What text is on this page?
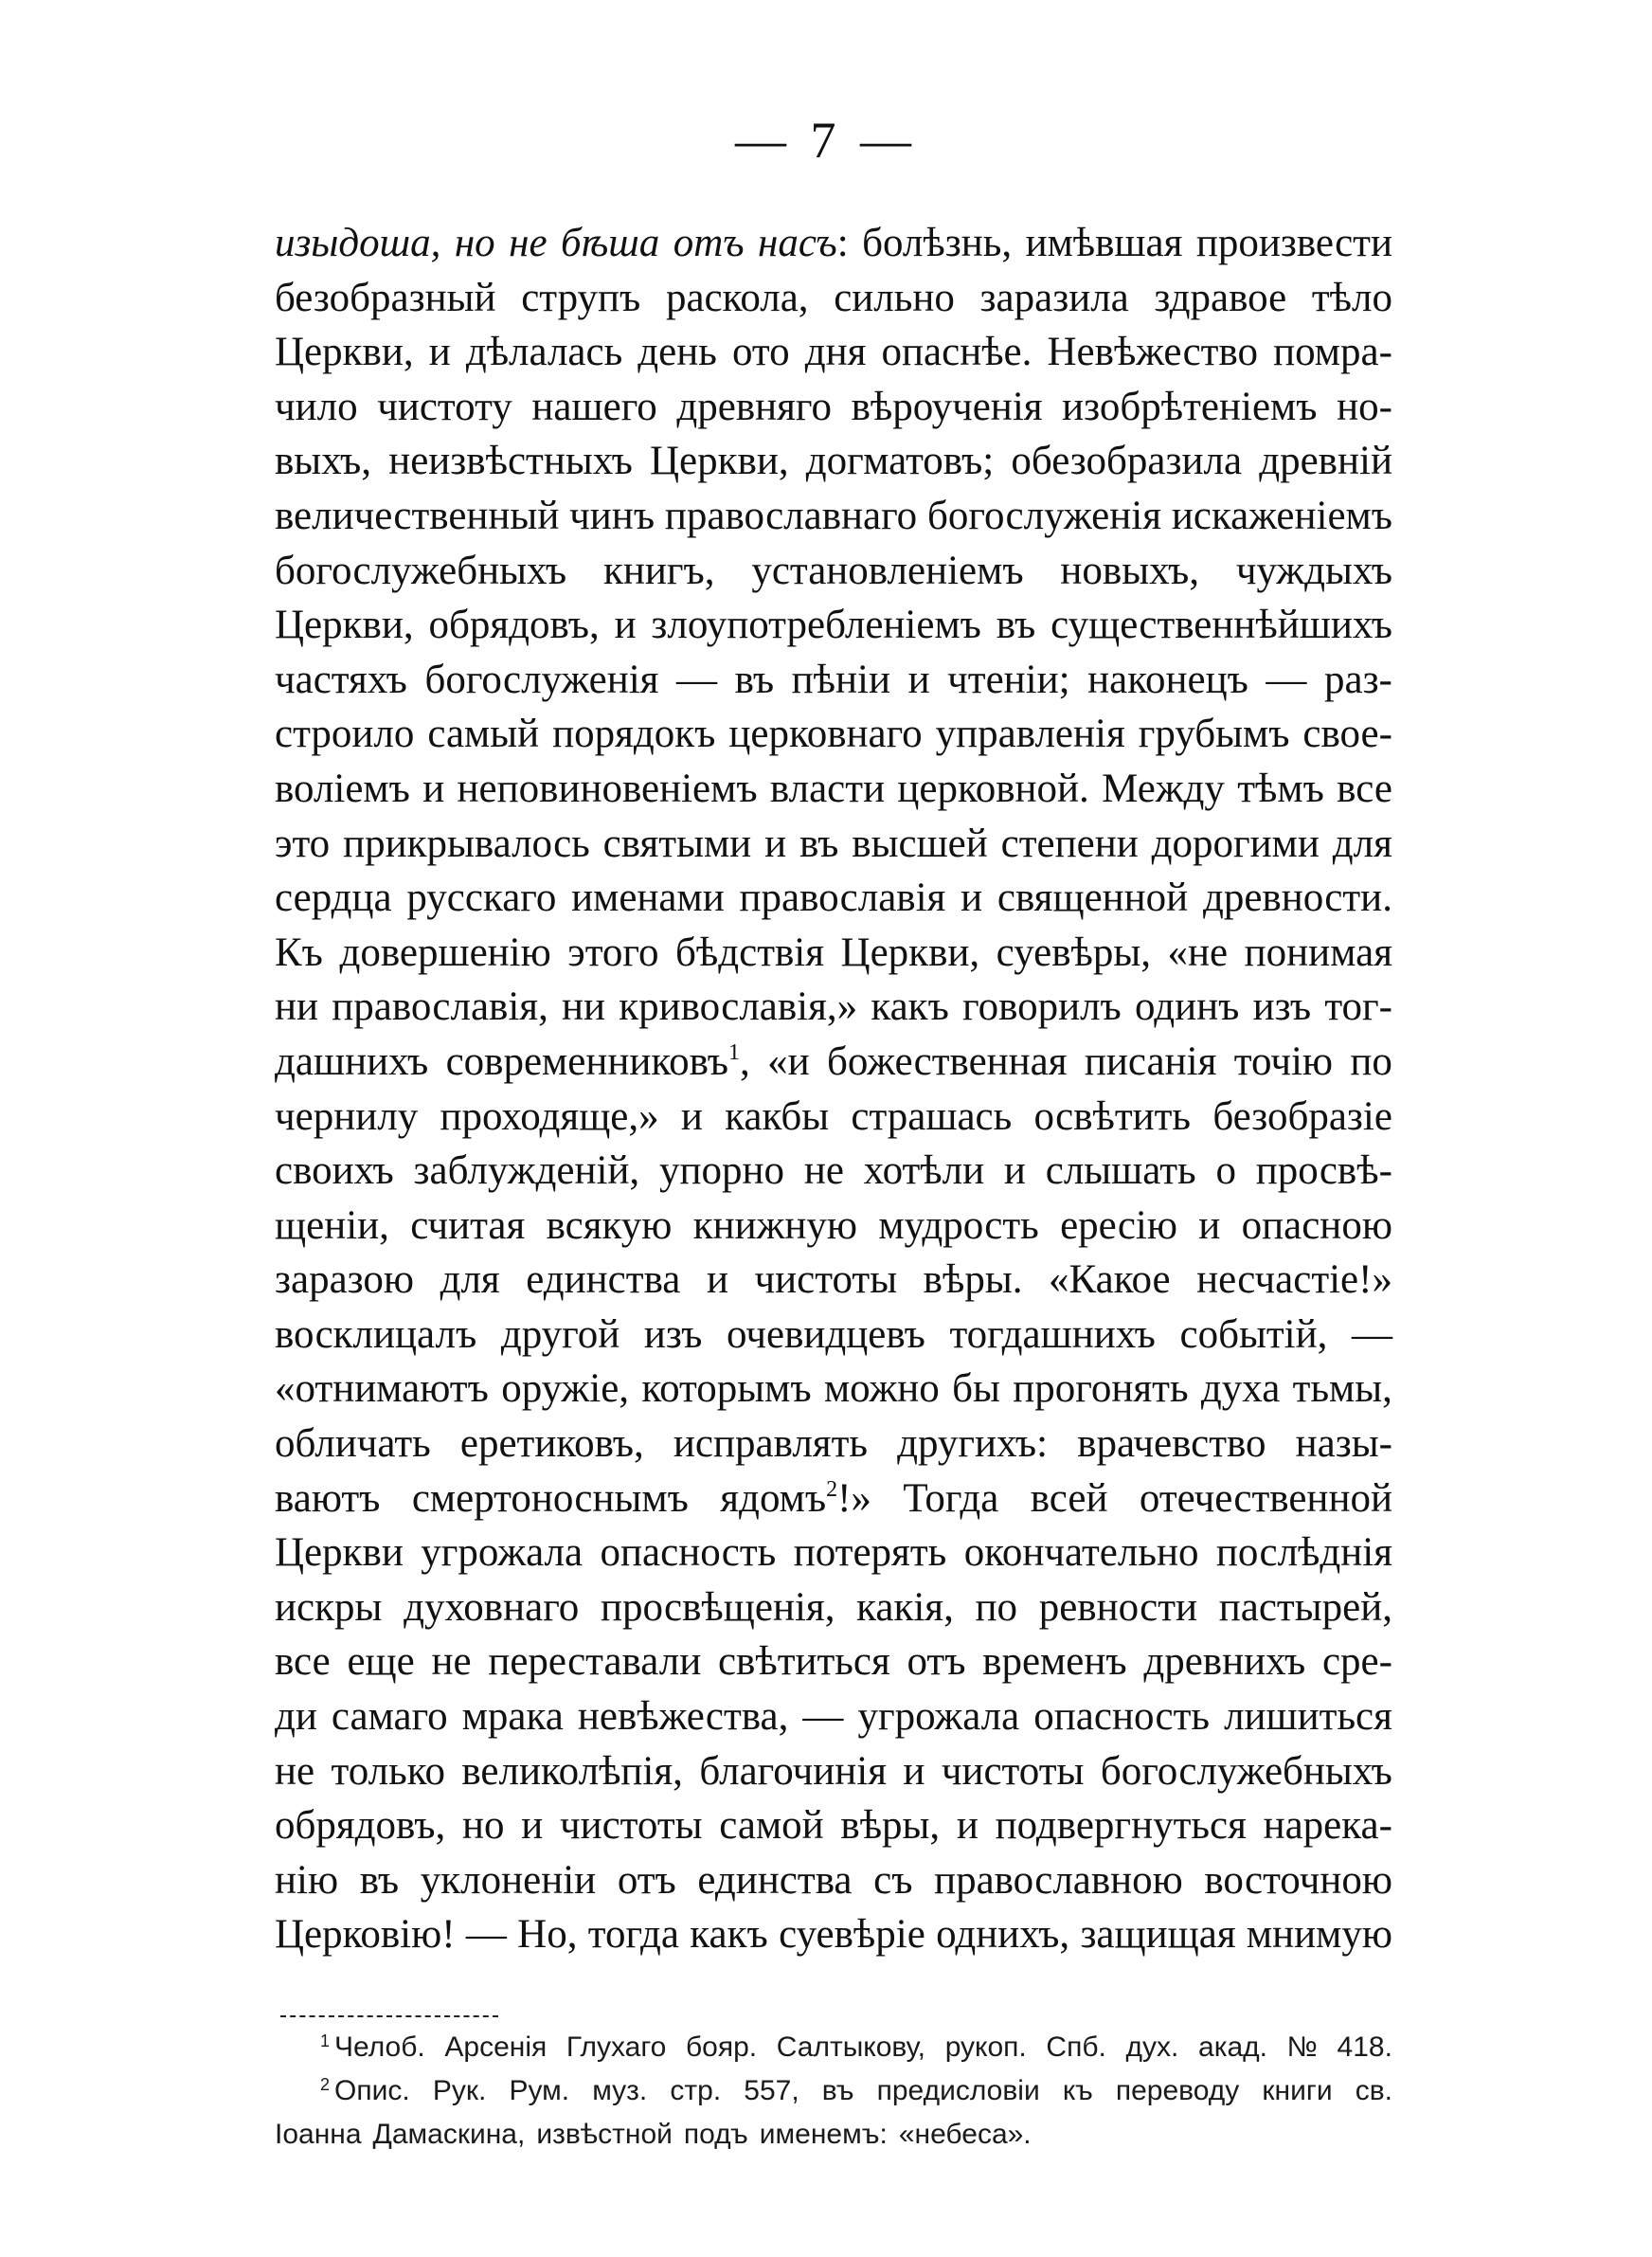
— 7 —
изыдоша, но не бѣша отъ насъ: болѣзнь, имѣвшая произвести
безобразный струпъ раскола, сильно заразила здравое тѣло
Церкви, и дѣлалась день ото дня опаснѣе. Невѣжество помра-
чило чистоту нашего древняго вѣроученія изобрѣтеніемъ но-
выхъ, неизвѣстныхъ Церкви, догматовъ; обезобразила древній
величественный чинъ православнаго богослуженія искаженіемъ
богослужебныхъ книгъ, установленіемъ новыхъ, чуждыхъ
Церкви, обрядовъ, и злоупотребленіемъ въ существеннѣйшихъ
частяхъ богослуженія — въ пѣніи и чтеніи; наконецъ — раз-
строило самый порядокъ церковнаго управленія грубымъ свое-
воліемъ и неповиновеніемъ власти церковной. Между тѣмъ все
это прикрывалось святыми и въ высшей степени дорогими для
сердца русскаго именами православія и священной древности.
Къ довершенію этого бѣдствія Церкви, суевѣры, «не понимая
ни православія, ни кривославія,» какъ говорилъ одинъ изъ тог-
дашнихъ современниковъ$^1$, «и божественная писанія точію по
чернилу проходяще,» и какбы страшась освѣтить безобразіе
своихъ заблужденій, упорно не хотѣли и слышать о просвѣ-
щеніи, считая всякую книжную мудрость ересію и опасною
заразою для единства и чистоты вѣры. «Какое несчастіе!»
восклицалъ другой изъ очевидцевъ тогдашнихъ событій, —
«отнимаютъ оружіе, которымъ можно бы прогонять духа тьмы,
обличать еретиковъ, исправлять другихъ: врачевство назы-
ваютъ смертоноснымъ ядомъ$^2$!» Тогда всей отечественной
Церкви угрожала опасность потерять окончательно послѣднія
искры духовнаго просвѣщенія, какія, по ревности пастырей,
все еще не переставали свѣтиться отъ временъ древнихъ сре-
ди самаго мрака невѣжества, — угрожала опасность лишиться
не только великолѣпія, благочинія и чистоты богослужебныхъ
обрядовъ, но и чистоты самой вѣры, и подвергнуться нарека-
нію въ уклоненіи отъ единства съ православною восточною
Церковію! — Но, тогда какъ суевѣріе однихъ, защищая мнимую
$^1$ Челоб. Арсенія Глухаго бояр. Салтыкову, рукоп. Спб. дух. акад. № 418.
$^2$ Опис. Рук. Рум. муз. стр. 557, въ предисловіи къ переводу книги св.
Іоанна Дамаскина, извѣстной подъ именемъ: «небеса».
